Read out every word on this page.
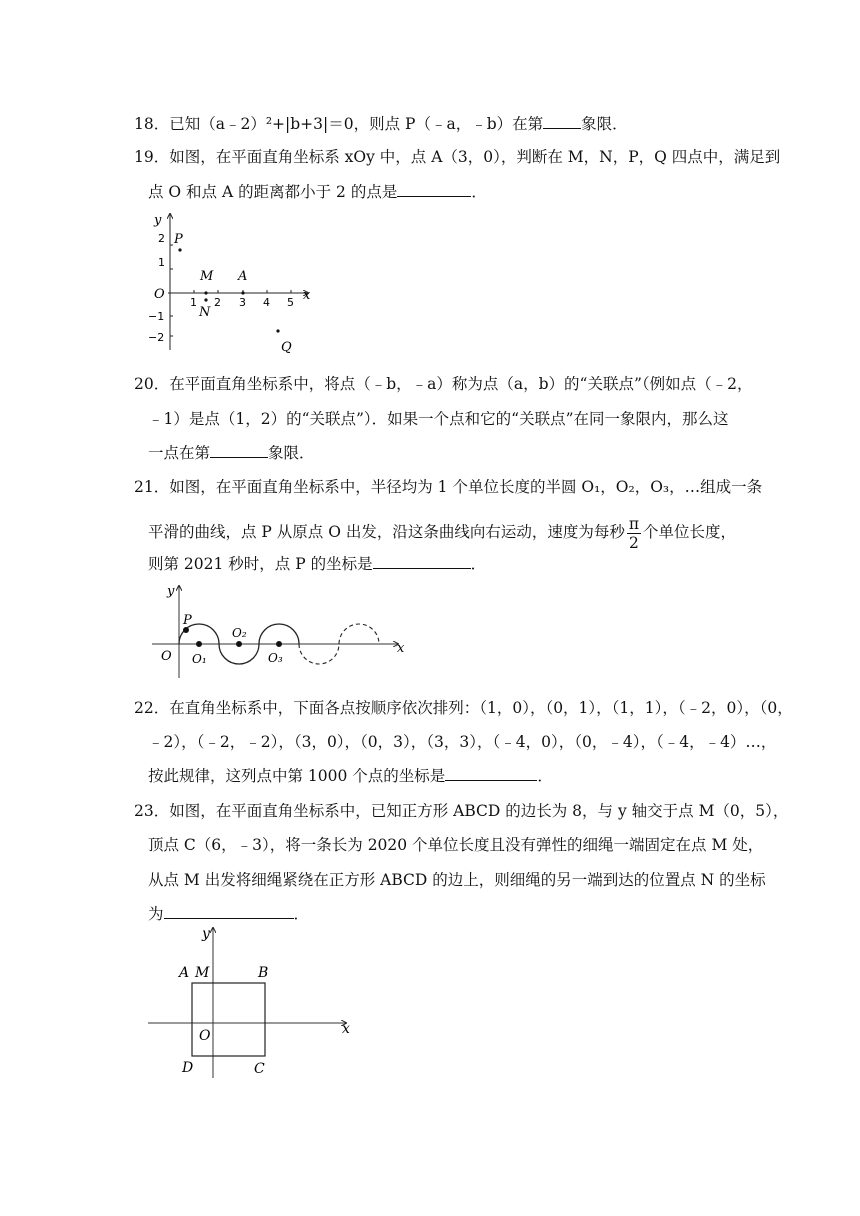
18．已知（a﹣2）²+|b+3|＝0，则点 P（﹣a，﹣b）在第 象限．
19．如图，在平面直角坐标系 xOy 中，点 A（3，0），判断在 M，N，P，Q 四点中，满足到
点 O 和点 A 的距离都小于 2 的点是	．
y
x
O
2
1
−1
−2
1 2 3 4 5
P
M A
N
Q
20．在平面直角坐标系中，将点（﹣b，﹣a）称为点（a，b）的“关联点”（例如点（﹣2，
﹣1）是点（1，2）的“关联点”）．如果一个点和它的“关联点”在同一象限内，那么这
一点在第	象限．
21．如图，在平面直角坐标系中，半径均为 1 个单位长度的半圆 O₁，O₂，O₃，…组成一条
平滑的曲线，点 P 从原点 O 出发，沿这条曲线向右运动，速度为每秒 $\frac{\pi}{2}$ 个单位长度，
则第 2021 秒时，点 P 的坐标是	．
y
x
O
P
O₁
O₂
O₃
22．在直角坐标系中，下面各点按顺序依次排列：（1，0），（0，1），（1，1），（﹣2，0），（0，
﹣2），（﹣2，﹣2），（3，0），（0，3），（3，3），（﹣4，0），（0，﹣4），（﹣4，﹣4）…，
按此规律，这列点中第 1000 个点的坐标是	．
23．如图，在平面直角坐标系中，已知正方形 ABCD 的边长为 8，与 y 轴交于点 M（0，5），
顶点 C（6，﹣3），将一条长为 2020 个单位长度且没有弹性的细绳一端固定在点 M 处，
从点 M 出发将细绳紧绕在正方形 ABCD 的边上，则细绳的另一端到达的位置点 N 的坐标
为	．
y
x
O
A M	B
C
D
